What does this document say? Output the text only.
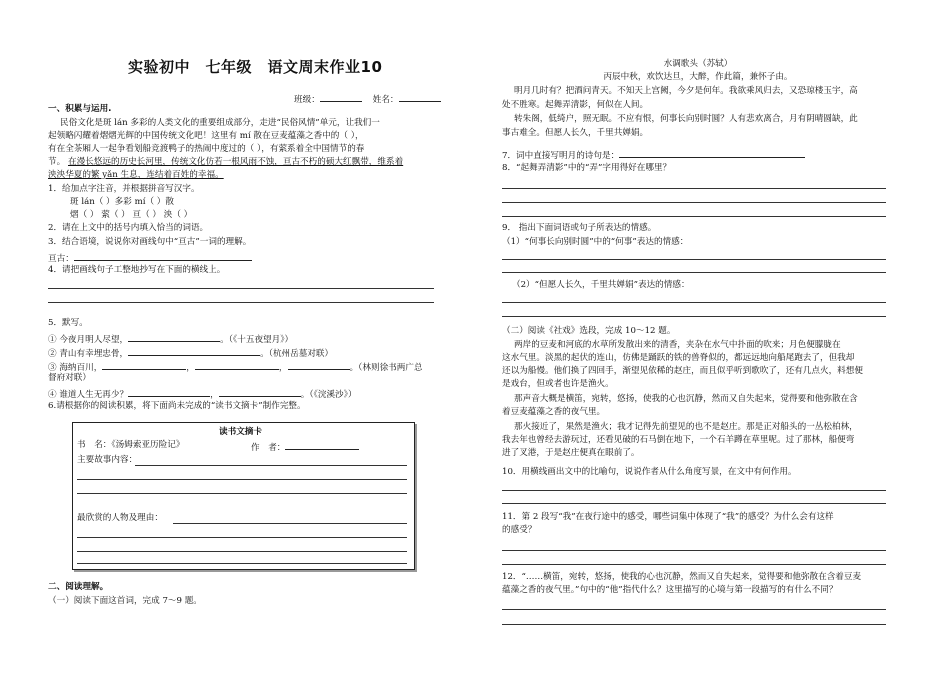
实验初中　七年级　语文周末作业10
班级：	姓名：
一、积累与运用.
民俗文化是斑 lán 多彩的人类文化的重要组成部分，走进“民俗风情”单元，让我们一
起领略闪耀着熠熠光辉的中国传统文化吧！这里有 mí 散在豆麦蕴藻之香中的（ ），
有在全茶厢人一起争看划船竞渡鸭子的热闹中度过的（ ），有萦系着全中国情节的春
节。 在漫长悠远的历史长河里，传统文化仿若一根风雨不蚀，亘古不朽的硕大红飘带，维系着
泱泱华夏的繁 yǎn 生息，连结着百姓的幸福。
1．给加点字注音，并根据拼音写汉字。
斑 lán（ ）多彩 mí（ ）散
熠（ ） 萦（ ） 亘（ ） 泱（ ）
2．请在上文中的括号内填入恰当的词语。
3．结合语境，说说你对画线句中“亘古”一词的理解。
亘古：
4．请把画线句子工整地抄写在下面的横线上。
5．默写。
① 今夜月明人尽望，	。（《十五夜望月》）
② 青山有幸埋忠骨，	。（杭州岳墓对联）
③ 海纳百川，	，	，	。（林则徐书两广总
督府对联）
④ 谁道人生无再少？	，	。（《浣溪沙》）
6.请根据你的阅读积累，将下面尚未完成的“读书文摘卡”制作完整。
二、阅读理解。
（一）阅读下面这首词，完成 7～9 题。
读书文摘卡
书　名：《汤姆索亚历险记》	作　者：
主要故事内容：
最欣赏的人物及理由：
水调歌头（苏轼）
丙辰中秋，欢饮达旦，大醉，作此篇，兼怀子由。
明月几时有？把酒问青天。不知天上宫阙，今夕是何年。我欲乘风归去，又恐琼楼玉宇，高
处不胜寒。起舞弄清影，何似在人间。
转朱阁，低绮户，照无眠。不应有恨，何事长向别时圆？人有悲欢离合，月有阴晴圆缺，此
事古难全。但愿人长久，千里共婵娟。
7．词中直接写明月的诗句是：
8．“起舞弄清影”中的“弄”字用得好在哪里？
9． 指出下面词语或句子所表达的情感。
（1）“何事长向别时圆”中的“何事”表达的情感：
（2）“但愿人长久，千里共婵娟”表达的情感：
（二）阅读《社戏》选段，完成 10～12 题。
两岸的豆麦和河底的水草所发散出来的清香，夹杂在水气中扑面的吹来；月色便朦胧在
这水气里。淡黑的起伏的连山，仿佛是踊跃的铁的兽脊似的，都远远地向船尾跑去了，但我却
还以为船慢。他们换了四回手，渐望见依稀的赵庄，而且似乎听到歌吹了，还有几点火，料想便
是戏台，但或者也许是渔火。
那声音大概是横笛，宛转，悠扬，使我的心也沉静，然而又自失起来，觉得要和他弥散在含
着豆麦蕴藻之香的夜气里。
那火接近了，果然是渔火；我才记得先前望见的也不是赵庄。那是正对船头的一丛松柏林，
我去年也曾经去游玩过，还看见破的石马倒在地下，一个石羊蹲在草里呢。过了那林，船便弯
进了叉港，于是赵庄便真在眼前了。
10．用横线画出文中的比喻句，说说作者从什么角度写景，在文中有何作用。
11．第 2 段写“我”在夜行途中的感受，哪些词集中体现了“我”的感受？为什么会有这样
的感受？
12．“……横笛，宛转，悠扬，使我的心也沉静，然而又自失起来，觉得要和他弥散在含着豆麦
蕴藻之香的夜气里。”句中的“他”指代什么？这里描写的心境与第一段描写的有什么不同？
